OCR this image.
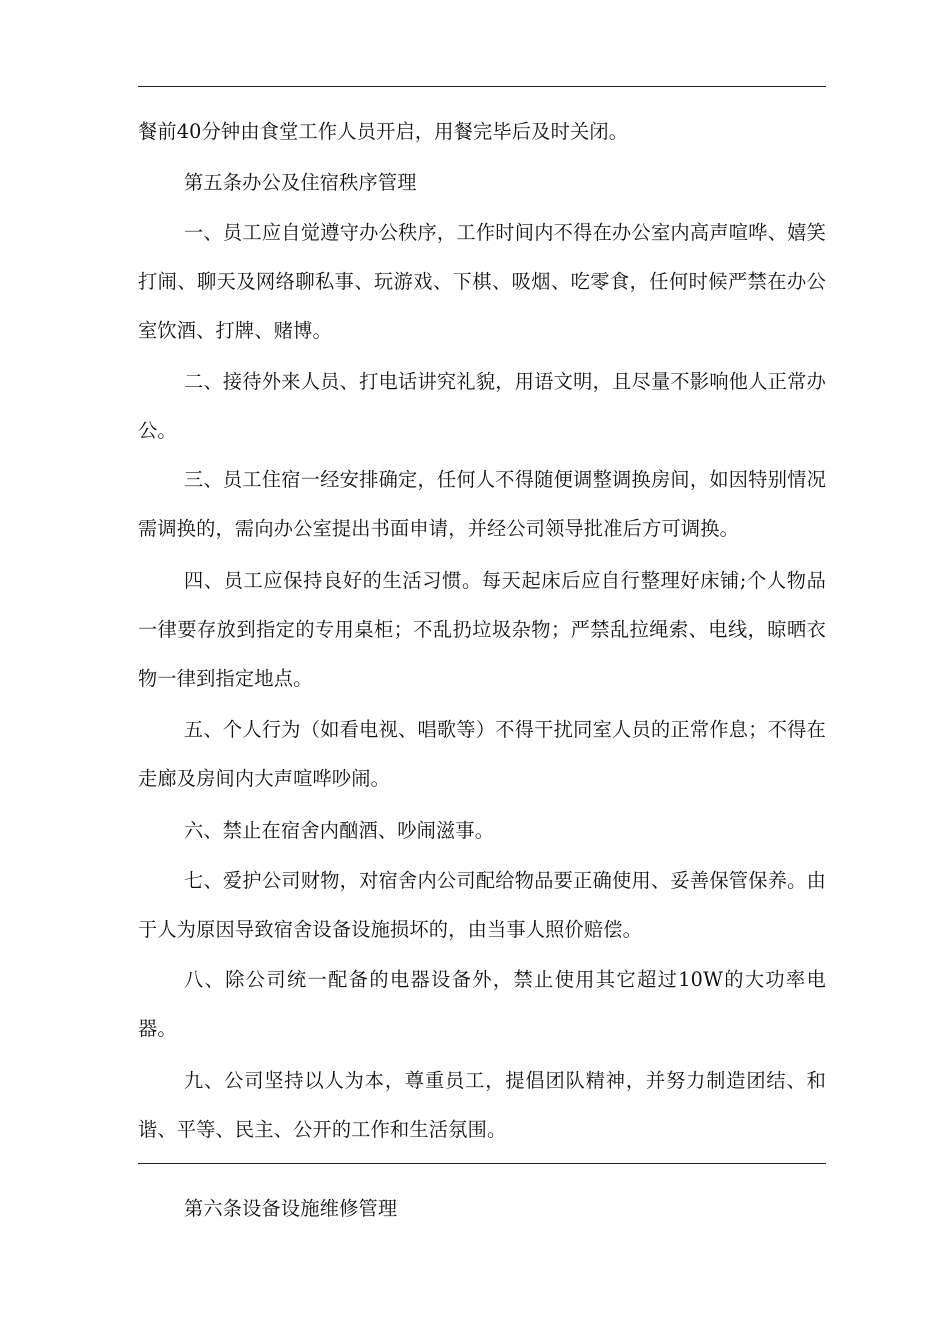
餐前40分钟由食堂工作人员开启，用餐完毕后及时关闭。

第五条办公及住宿秩序管理

一、员工应自觉遵守办公秩序，工作时间内不得在办公室内高声喧哗、嬉笑打闹、聊天及网络聊私事、玩游戏、下棋、吸烟、吃零食，任何时候严禁在办公室饮酒、打牌、赌博。

二、接待外来人员、打电话讲究礼貌，用语文明，且尽量不影响他人正常办公。

三、员工住宿一经安排确定，任何人不得随便调整调换房间，如因特别情况需调换的，需向办公室提出书面申请，并经公司领导批准后方可调换。

四、员工应保持良好的生活习惯。每天起床后应自行整理好床铺;个人物品一律要存放到指定的专用桌柜；不乱扔垃圾杂物；严禁乱拉绳索、电线，晾晒衣物一律到指定地点。

五、个人行为（如看电视、唱歌等）不得干扰同室人员的正常作息；不得在走廊及房间内大声喧哗吵闹。

六、禁止在宿舍内酗酒、吵闹滋事。

七、爱护公司财物，对宿舍内公司配给物品要正确使用、妥善保管保养。由于人为原因导致宿舍设备设施损坏的，由当事人照价赔偿。

八、除公司统一配备的电器设备外，禁止使用其它超过10W的大功率电器。

九、公司坚持以人为本，尊重员工，提倡团队精神，并努力制造团结、和谐、平等、民主、公开的工作和生活氛围。

第六条设备设施维修管理
